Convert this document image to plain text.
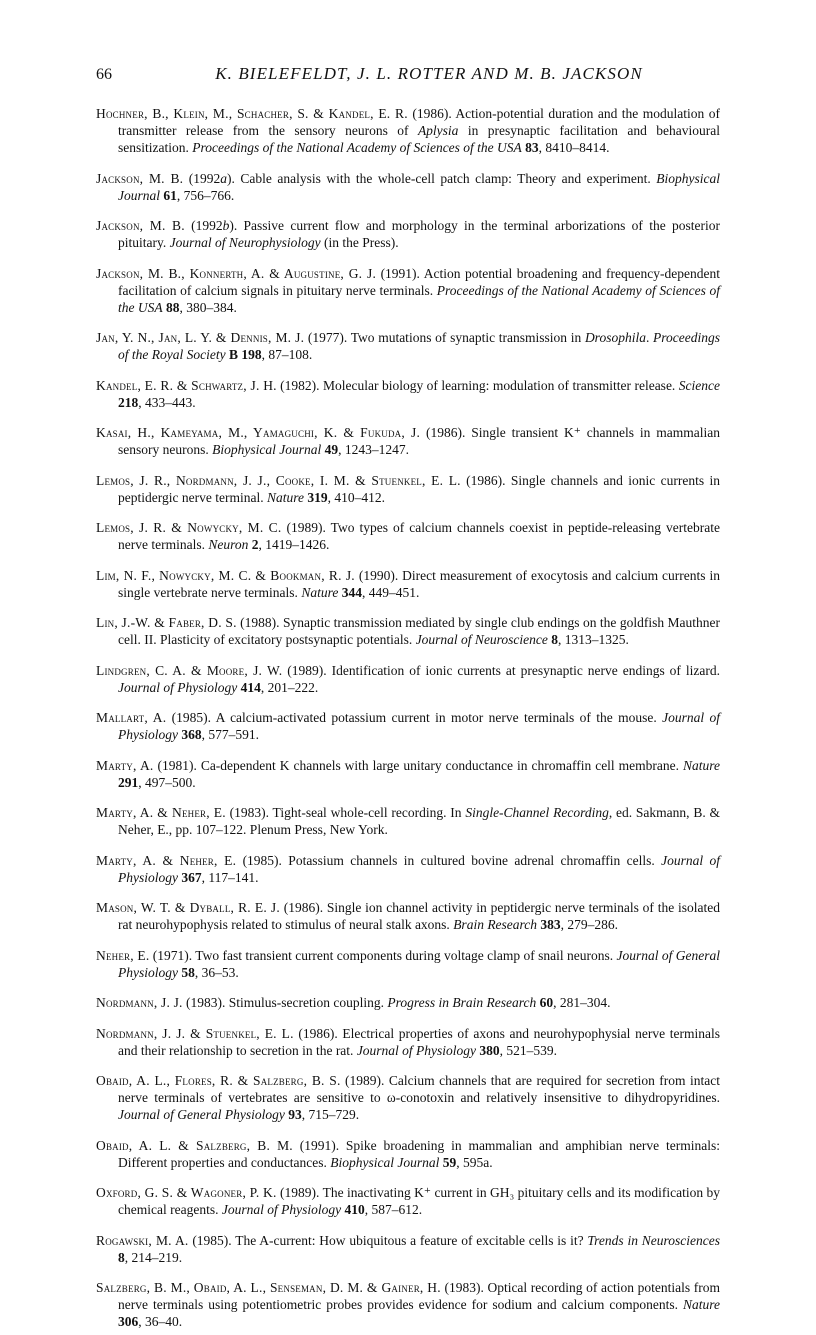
66	K. BIELEFELDT, J. L. ROTTER AND M. B. JACKSON

Hochner, B., Klein, M., Schacher, S. & Kandel, E. R. (1986). Action-potential duration and the modulation of transmitter release from the sensory neurons of Aplysia in presynaptic facilitation and behavioural sensitization. Proceedings of the National Academy of Sciences of the USA 83, 8410–8414.

Jackson, M. B. (1992a). Cable analysis with the whole-cell patch clamp: Theory and experiment. Biophysical Journal 61, 756–766.

Jackson, M. B. (1992b). Passive current flow and morphology in the terminal arborizations of the posterior pituitary. Journal of Neurophysiology (in the Press).

Jackson, M. B., Konnerth, A. & Augustine, G. J. (1991). Action potential broadening and frequency-dependent facilitation of calcium signals in pituitary nerve terminals. Proceedings of the National Academy of Sciences of the USA 88, 380–384.

Jan, Y. N., Jan, L. Y. & Dennis, M. J. (1977). Two mutations of synaptic transmission in Drosophila. Proceedings of the Royal Society B 198, 87–108.

Kandel, E. R. & Schwartz, J. H. (1982). Molecular biology of learning: modulation of transmitter release. Science 218, 433–443.

Kasai, H., Kameyama, M., Yamaguchi, K. & Fukuda, J. (1986). Single transient K⁺ channels in mammalian sensory neurons. Biophysical Journal 49, 1243–1247.

Lemos, J. R., Nordmann, J. J., Cooke, I. M. & Stuenkel, E. L. (1986). Single channels and ionic currents in peptidergic nerve terminal. Nature 319, 410–412.

Lemos, J. R. & Nowycky, M. C. (1989). Two types of calcium channels coexist in peptide-releasing vertebrate nerve terminals. Neuron 2, 1419–1426.

Lim, N. F., Nowycky, M. C. & Bookman, R. J. (1990). Direct measurement of exocytosis and calcium currents in single vertebrate nerve terminals. Nature 344, 449–451.

Lin, J.-W. & Faber, D. S. (1988). Synaptic transmission mediated by single club endings on the goldfish Mauthner cell. II. Plasticity of excitatory postsynaptic potentials. Journal of Neuroscience 8, 1313–1325.

Lindgren, C. A. & Moore, J. W. (1989). Identification of ionic currents at presynaptic nerve endings of lizard. Journal of Physiology 414, 201–222.

Mallart, A. (1985). A calcium-activated potassium current in motor nerve terminals of the mouse. Journal of Physiology 368, 577–591.

Marty, A. (1981). Ca-dependent K channels with large unitary conductance in chromaffin cell membrane. Nature 291, 497–500.

Marty, A. & Neher, E. (1983). Tight-seal whole-cell recording. In Single-Channel Recording, ed. Sakmann, B. & Neher, E., pp. 107–122. Plenum Press, New York.

Marty, A. & Neher, E. (1985). Potassium channels in cultured bovine adrenal chromaffin cells. Journal of Physiology 367, 117–141.

Mason, W. T. & Dyball, R. E. J. (1986). Single ion channel activity in peptidergic nerve terminals of the isolated rat neurohypophysis related to stimulus of neural stalk axons. Brain Research 383, 279–286.

Neher, E. (1971). Two fast transient current components during voltage clamp of snail neurons. Journal of General Physiology 58, 36–53.

Nordmann, J. J. (1983). Stimulus-secretion coupling. Progress in Brain Research 60, 281–304.

Nordmann, J. J. & Stuenkel, E. L. (1986). Electrical properties of axons and neurohypophysial nerve terminals and their relationship to secretion in the rat. Journal of Physiology 380, 521–539.

Obaid, A. L., Flores, R. & Salzberg, B. S. (1989). Calcium channels that are required for secretion from intact nerve terminals of vertebrates are sensitive to ω-conotoxin and relatively insensitive to dihydropyridines. Journal of General Physiology 93, 715–729.

Obaid, A. L. & Salzberg, B. M. (1991). Spike broadening in mammalian and amphibian nerve terminals: Different properties and conductances. Biophysical Journal 59, 595a.

Oxford, G. S. & Wagoner, P. K. (1989). The inactivating K⁺ current in GH₃ pituitary cells and its modification by chemical reagents. Journal of Physiology 410, 587–612.

Rogawski, M. A. (1985). The A-current: How ubiquitous a feature of excitable cells is it? Trends in Neurosciences 8, 214–219.

Salzberg, B. M., Obaid, A. L., Senseman, D. M. & Gainer, H. (1983). Optical recording of action potentials from nerve terminals using potentiometric probes provides evidence for sodium and calcium components. Nature 306, 36–40.
